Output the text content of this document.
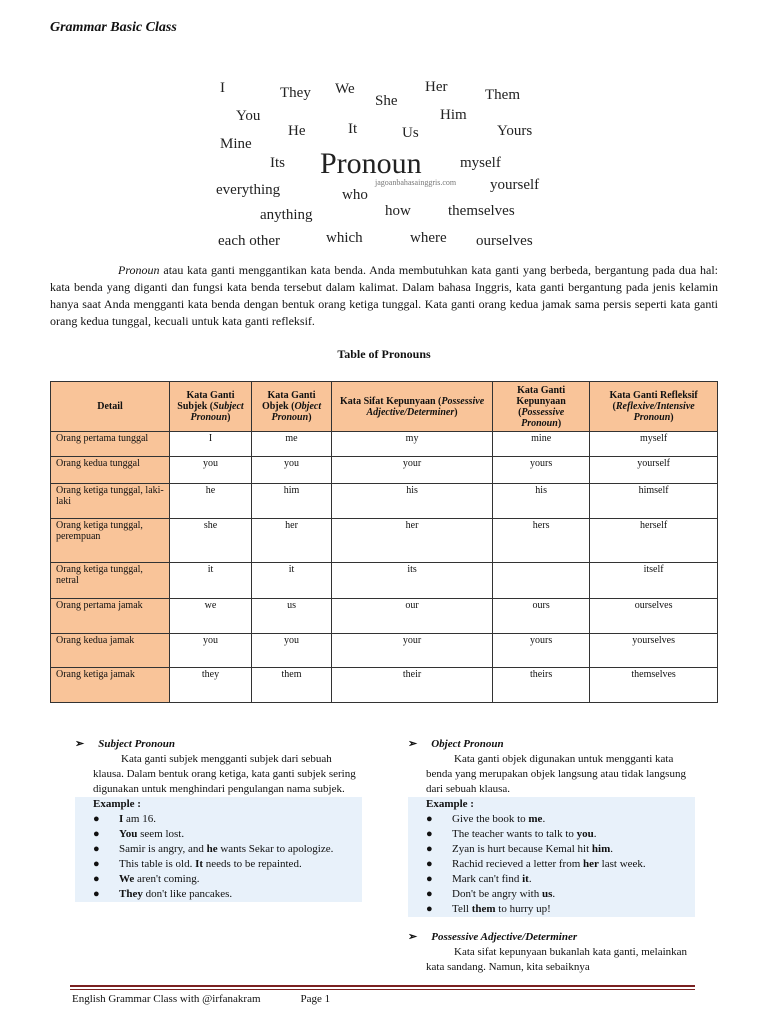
Grammar Basic Class
I	They We
She
Her	Them
You
He	It	Us
Him
Yours
Mine
Its Pronoun	myself
jagoanbahasainggris.com
everything	who
yourself
anything	how themselves
each other	which	where ourselves
Pronoun atau kata ganti menggantikan kata benda. Anda membutuhkan kata ganti yang berbeda, bergantung pada dua hal: kata benda yang diganti dan fungsi kata benda tersebut dalam kalimat. Dalam bahasa Inggris, kata ganti bergantung pada jenis kelamin hanya saat Anda mengganti kata benda dengan bentuk orang ketiga tunggal. Kata ganti orang kedua jamak sama persis seperti kata ganti orang kedua tunggal, kecuali untuk kata ganti refleksif.
Table of Pronouns
Detail	Kata Ganti Subjek (Subject Pronoun)	Kata Ganti Objek (Object Pronoun)	Kata Sifat Kepunyaan (Possessive Adjective/Determiner)	Kata Ganti Kepunyaan (Possessive Pronoun)	Kata Ganti Refleksif (Reflexive/Intensive Pronoun)
Orang pertama tunggal	I	me	my	mine	myself
Orang kedua tunggal	you	you	your	yours	yourself
Orang ketiga tunggal, laki-laki	he	him	his	his	himself
Orang ketiga tunggal, perempuan	she	her	her	hers	herself
Orang ketiga tunggal, netral	it	it	its		itself
Orang pertama jamak	we	us	our	ours	ourselves
Orang kedua jamak	you	you	your	yours	yourselves
Orang ketiga jamak	they	them	their	theirs	themselves
➢ Subject Pronoun

Kata ganti subjek mengganti subjek dari sebuah klausa. Dalam bentuk orang ketiga, kata ganti subjek sering digunakan untuk menghindari pengulangan nama subjek.

Example :
● I am 16.
● You seem lost.
● Samir is angry, and he wants Sekar to apologize.
● This table is old. It needs to be repainted.
● We aren't coming.
● They don't like pancakes.
➢ Object Pronoun

Kata ganti objek digunakan untuk mengganti kata benda yang merupakan objek langsung atau tidak langsung dari sebuah klausa.

Example :
● Give the book to me.
● The teacher wants to talk to you.
● Zyan is hurt because Kemal hit him.
● Rachid recieved a letter from her last week.
● Mark can't find it.
● Don't be angry with us.
● Tell them to hurry up!
➢ Possessive Adjective/Determiner

Kata sifat kepunyaan bukanlah kata ganti, melainkan kata sandang. Namun, kita sebaiknya

English Grammar Class with @irfanakram	Page 1
